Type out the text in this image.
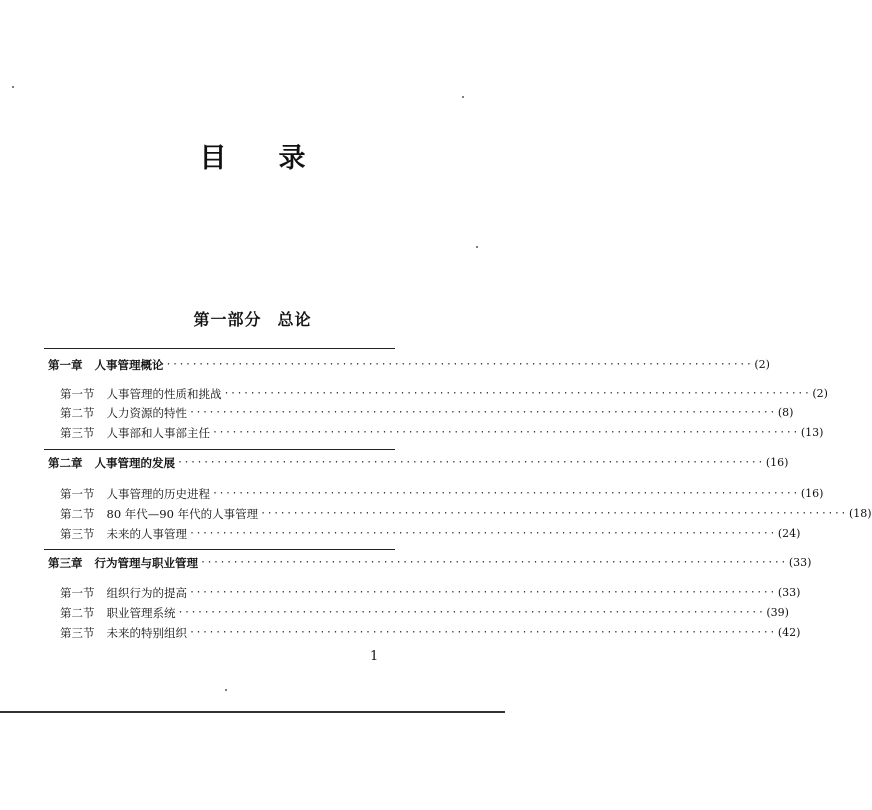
目录
第一部分 总论
第一章 人事管理概论 ·························································································· (2)
第一节 人事管理的性质和挑战 ·························································································· (2)
第二节 人力资源的特性 ·························································································· (8)
第三节 人事部和人事部主任 ·························································································· (13)
第二章 人事管理的发展 ·························································································· (16)
第一节 人事管理的历史进程 ·························································································· (16)
第二节 80 年代—90 年代的人事管理 ·························································································· (18)
第三节 未来的人事管理 ·························································································· (24)
第三章 行为管理与职业管理 ·························································································· (33)
第一节 组织行为的提高 ·························································································· (33)
第二节 职业管理系统 ·························································································· (39)
第三节 未来的特别组织 ·························································································· (42)
1
